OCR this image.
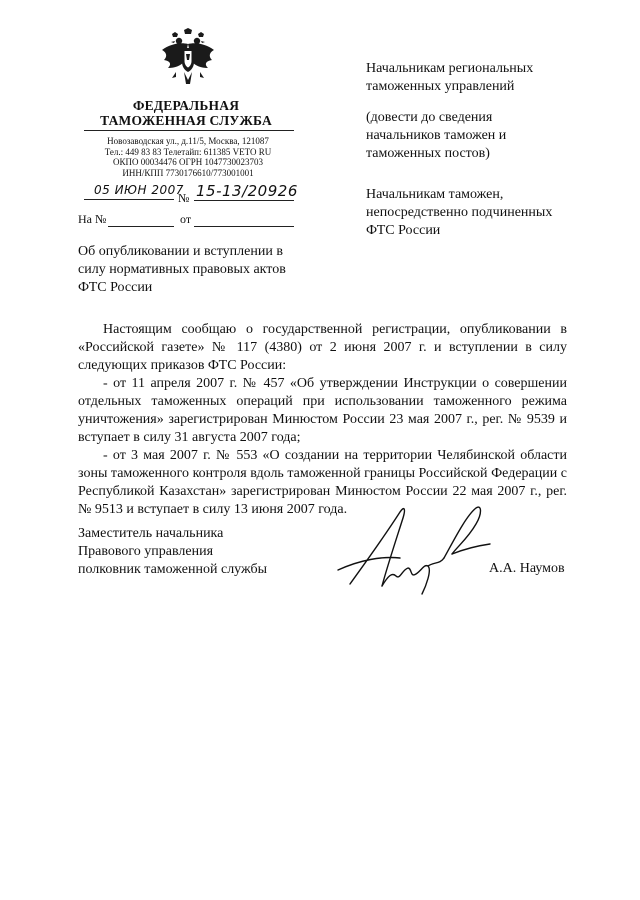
ФЕДЕРАЛЬНАЯ
ТАМОЖЕННАЯ СЛУЖБА
Новозаводская ул., д.11/5, Москва, 121087
Тел.: 449 83 83 Телетайп: 611385 VETO RU
ОКПО 00034476 ОГРН 1047730023703
ИНН/КПП 7730176610/773001001
05 ИЮН 2007
№ 15-13/20926
На №	от
Об опубликовании и вступлении в
силу нормативных правовых актов
ФТС России
Начальникам региональных
таможенных управлений
(довести до сведения
начальников таможен и
таможенных постов)
Начальникам таможен,
непосредственно подчиненных
ФТС России

Настоящим сообщаю о государственной регистрации, опубликовании в «Российской газете» № 117 (4380) от 2 июня 2007 г. и вступлении в силу следующих приказов ФТС России:

- от 11 апреля 2007 г. № 457 «Об утверждении Инструкции о совершении отдельных таможенных операций при использовании таможенного режима уничтожения» зарегистрирован Минюстом России 23 мая 2007 г., рег. № 9539 и вступает в силу 31 августа 2007 года;

- от 3 мая 2007 г. № 553 «О создании на территории Челябинской области зоны таможенного контроля вдоль таможенной границы Российской Федерации с Республикой Казахстан» зарегистрирован Минюстом России 22 мая 2007 г., рег. № 9513 и вступает в силу 13 июня 2007 года.

Заместитель начальника
Правового управления
полковник таможенной службы	А.А. Наумов
